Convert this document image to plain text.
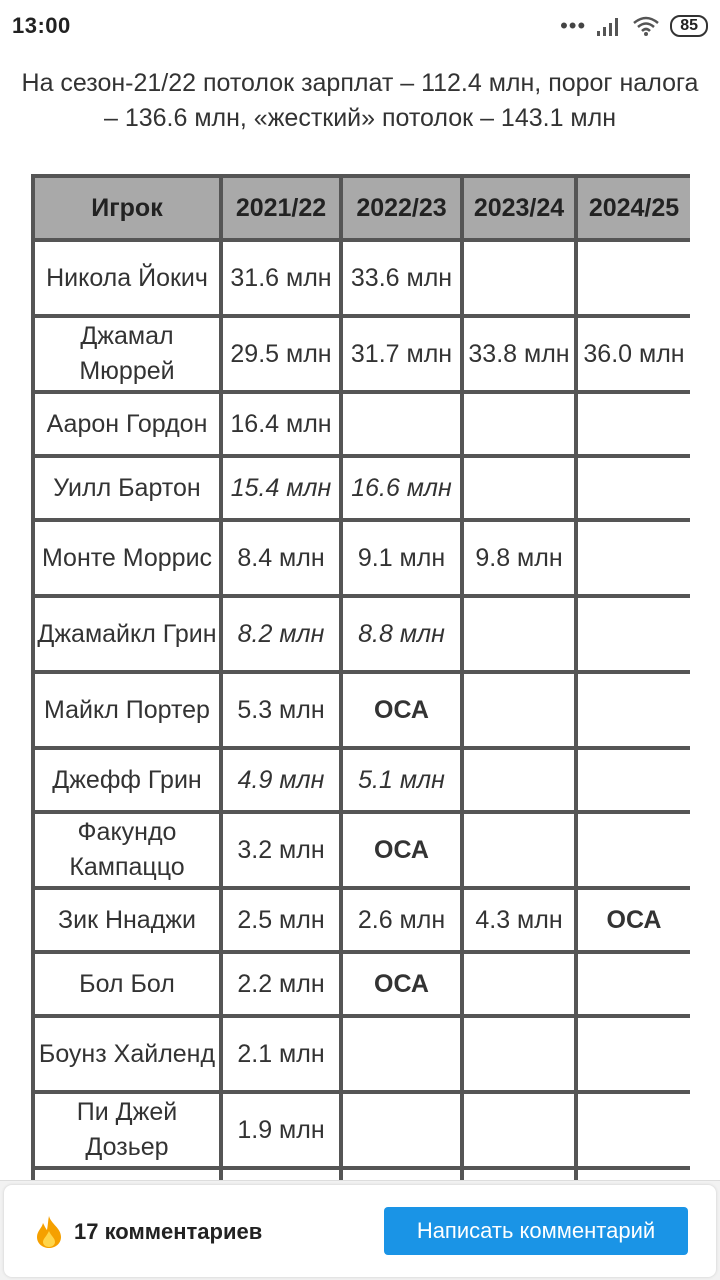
13:00	•••	85
На сезон-21/22 потолок зарплат – 112.4 млн, порог налога – 136.6 млн, «жесткий» потолок – 143.1 млн
Игрок	2021/22	2022/23	2023/24	2024/25
Никола Йокич	31.6 млн	33.6 млн		
Джамал Мюррей	29.5 млн	31.7 млн	33.8 млн	36.0 млн
Аарон Гордон	16.4 млн			
Уилл Бартон	15.4 млн	16.6 млн		
Монте Моррис	8.4 млн	9.1 млн	9.8 млн	
Джамайкл Грин	8.2 млн	8.8 млн		
Майкл Портер	5.3 млн	ОСА		
Джефф Грин	4.9 млн	5.1 млн		
Факундо Кампаццо	3.2 млн	ОСА		
Зик Ннаджи	2.5 млн	2.6 млн	4.3 млн	ОСА
Бол Бол	2.2 млн	ОСА		
Боунз Хайленд	2.1 млн			
Пи Джей Дозьер	1.9 млн			

17 комментариев	Написать комментарий
